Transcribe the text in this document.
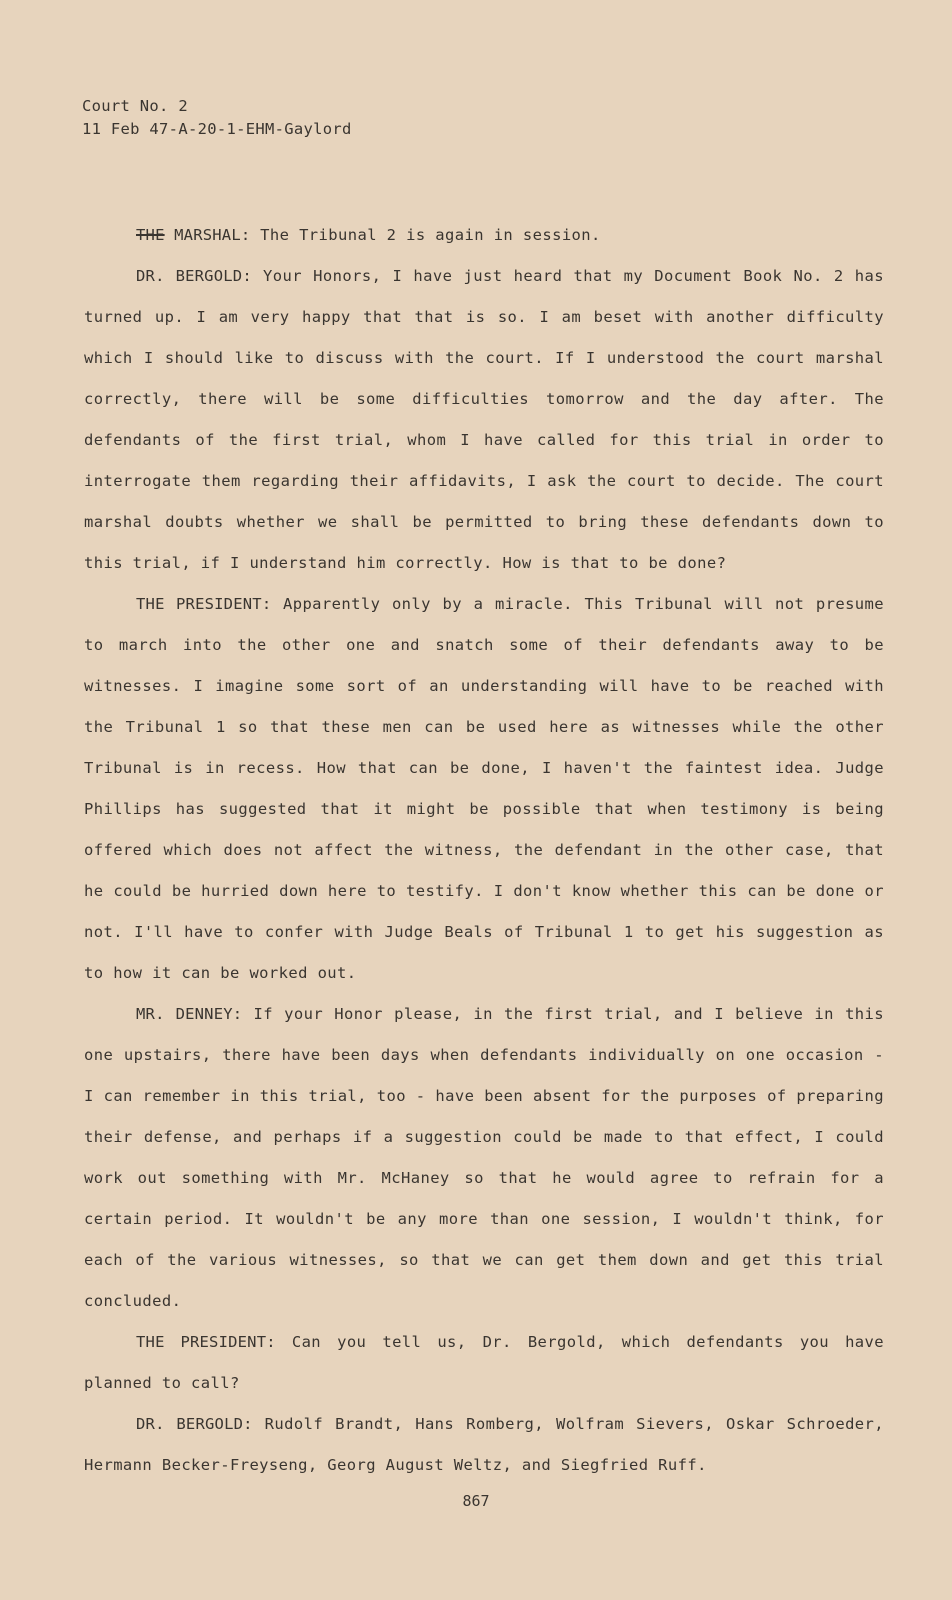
Court No. 2
11 Feb 47-A-20-1-EHM-Gaylord

THE MARSHAL: The Tribunal 2 is again in session.

DR. BERGOLD: Your Honors, I have just heard that my Document Book No. 2 has turned up. I am very happy that that is so. I am beset with another difficulty which I should like to discuss with the court. If I understood the court marshal correctly, there will be some difficulties tomorrow and the day after. The defendants of the first trial, whom I have called for this trial in order to interrogate them regarding their affidavits, I ask the court to decide. The court marshal doubts whether we shall be permitted to bring these defendants down to this trial, if I understand him correctly. How is that to be done?

THE PRESIDENT: Apparently only by a miracle. This Tribunal will not presume to march into the other one and snatch some of their defendants away to be witnesses. I imagine some sort of an understanding will have to be reached with the Tribunal 1 so that these men can be used here as witnesses while the other Tribunal is in recess. How that can be done, I haven't the faintest idea. Judge Phillips has suggested that it might be possible that when testimony is being offered which does not affect the witness, the defendant in the other case, that he could be hurried down here to testify. I don't know whether this can be done or not. I'll have to confer with Judge Beals of Tribunal 1 to get his suggestion as to how it can be worked out.

MR. DENNEY: If your Honor please, in the first trial, and I believe in this one upstairs, there have been days when defendants individually on one occasion - I can remember in this trial, too - have been absent for the purposes of preparing their defense, and perhaps if a suggestion could be made to that effect, I could work out something with Mr. McHaney so that he would agree to refrain for a certain period. It wouldn't be any more than one session, I wouldn't think, for each of the various witnesses, so that we can get them down and get this trial concluded.

THE PRESIDENT: Can you tell us, Dr. Bergold, which defendants you have planned to call?

DR. BERGOLD: Rudolf Brandt, Hans Romberg, Wolfram Sievers, Oskar Schroeder, Hermann Becker-Freyseng, Georg August Weltz, and Siegfried Ruff.

867
